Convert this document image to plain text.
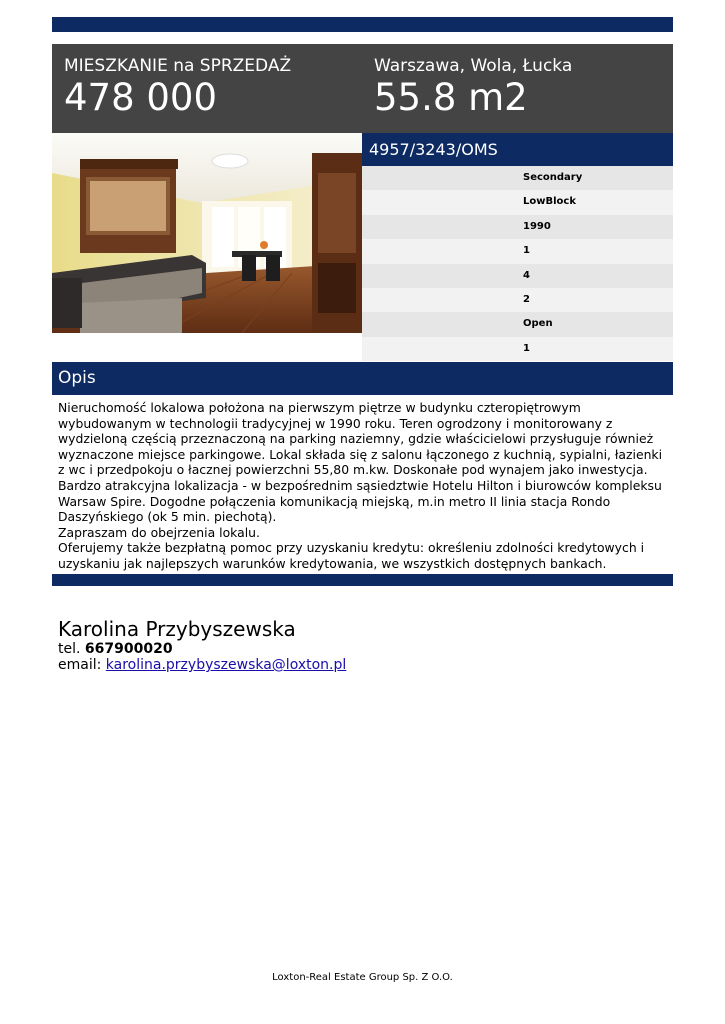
MIESZKANIE na SPRZEDAŻ
478 000
Warszawa, Wola, Łucka
55.8 m2
4957/3243/OMS
Secondary
LowBlock
1990
1
4
2
Open
1
Opis
Nieruchomość lokalowa położona na pierwszym piętrze w budynku czteropiętrowym wybudowanym w technologii tradycyjnej w 1990 roku. Teren ogrodzony i monitorowany z wydzieloną częścią przeznaczoną na parking naziemny, gdzie właścicielowi przysługuje również wyznaczone miejsce parkingowe. Lokal składa się z salonu łączonego z kuchnią, sypialni, łazienki z wc i przedpokoju o łacznej powierzchni 55,80 m.kw. Doskonałe pod wynajem jako inwestycja.
Bardzo atrakcyjna lokalizacja - w bezpośrednim sąsiedztwie Hotelu Hilton i biurowców kompleksu Warsaw Spire. Dogodne połączenia komunikacją miejską, m.in metro II linia stacja Rondo Daszyńskiego (ok 5 min. piechotą).
Zapraszam do obejrzenia lokalu.
Oferujemy także bezpłatną pomoc przy uzyskaniu kredytu: określeniu zdolności kredytowych i uzyskaniu jak najlepszych warunków kredytowania, we wszystkich dostępnych bankach.
Karolina Przybyszewska
tel. 667900020
email: karolina.przybyszewska@loxton.pl
Loxton-Real Estate Group Sp. Z O.O.
